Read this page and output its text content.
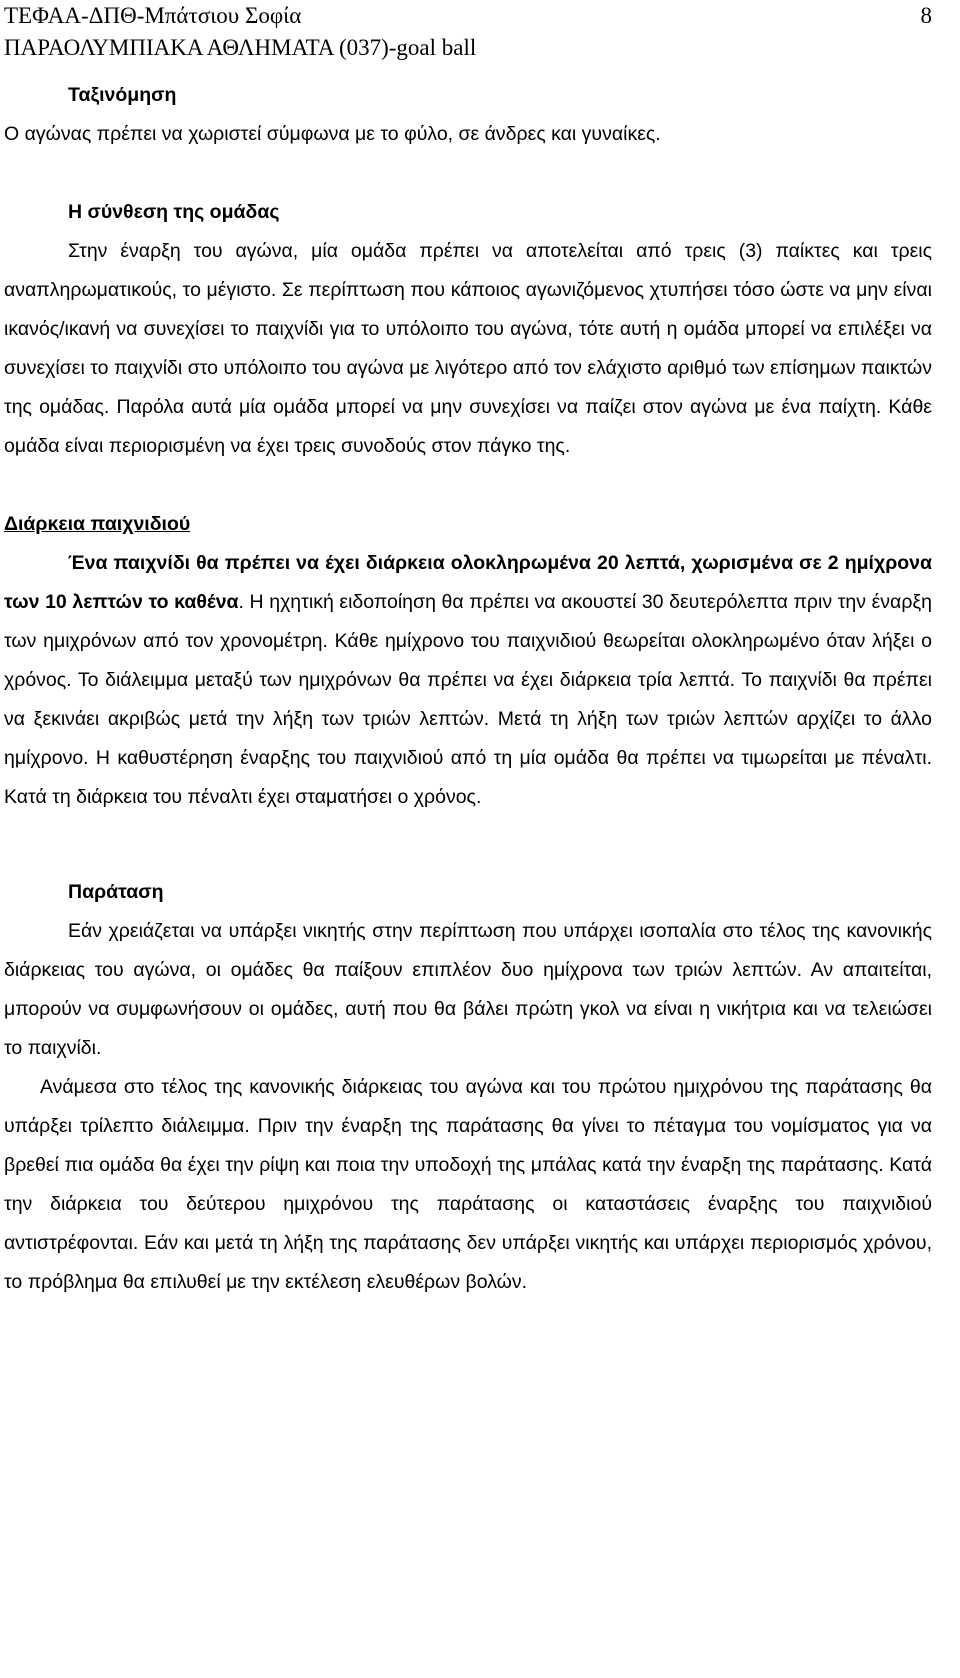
ΤΕΦΑΑ-ΔΠΘ-Μπάτσιου Σοφία
ΠΑΡΑΟΛΥΜΠΙΑΚΑ ΑΘΛΗΜΑΤΑ (037)-goal ball
8
Ταξινόμηση

Ο αγώνας πρέπει να χωριστεί σύμφωνα με το φύλο, σε άνδρες και γυναίκες.

Η σύνθεση της ομάδας

Στην έναρξη του αγώνα, μία ομάδα πρέπει να αποτελείται από τρεις (3) παίκτες και τρεις αναπληρωματικούς, το μέγιστο. Σε περίπτωση που κάποιος αγωνιζόμενος χτυπήσει τόσο ώστε να μην είναι ικανός/ικανή να συνεχίσει το παιχνίδι για το υπόλοιπο του αγώνα, τότε αυτή η ομάδα μπορεί να επιλέξει να συνεχίσει το παιχνίδι στο υπόλοιπο του αγώνα με λιγότερο από τον ελάχιστο αριθμό των επίσημων παικτών της ομάδας. Παρόλα αυτά μία ομάδα μπορεί να μην συνεχίσει να παίζει στον αγώνα με ένα παίχτη. Κάθε ομάδα είναι περιορισμένη να έχει τρεις συνοδούς στον πάγκο της.

Διάρκεια παιχνιδιού

Ένα παιχνίδι θα πρέπει να έχει διάρκεια ολοκληρωμένα 20 λεπτά, χωρισμένα σε 2 ημίχρονα των 10 λεπτών το καθένα. Η ηχητική ειδοποίηση θα πρέπει να ακουστεί 30 δευτερόλεπτα πριν την έναρξη των ημιχρόνων από τον χρονομέτρη. Κάθε ημίχρονο του παιχνιδιού θεωρείται ολοκληρωμένο όταν λήξει ο χρόνος. Το διάλειμμα μεταξύ των ημιχρόνων θα πρέπει να έχει διάρκεια τρία λεπτά. Το παιχνίδι θα πρέπει να ξεκινάει ακριβώς μετά την λήξη των τριών λεπτών. Μετά τη λήξη των τριών λεπτών αρχίζει το άλλο ημίχρονο. Η καθυστέρηση έναρξης του παιχνιδιού από τη μία ομάδα θα πρέπει να τιμωρείται με πέναλτι. Κατά τη διάρκεια του πέναλτι έχει σταματήσει ο χρόνος.

Παράταση

Εάν χρειάζεται να υπάρξει νικητής στην περίπτωση που υπάρχει ισοπαλία στο τέλος της κανονικής διάρκειας του αγώνα, οι ομάδες θα παίξουν επιπλέον δυο ημίχρονα των τριών λεπτών. Αν απαιτείται, μπορούν να συμφωνήσουν οι ομάδες, αυτή που θα βάλει πρώτη γκολ να είναι η νικήτρια και να τελειώσει το παιχνίδι.

Ανάμεσα στο τέλος της κανονικής διάρκειας του αγώνα και του πρώτου ημιχρόνου της παράτασης θα υπάρξει τρίλεπτο διάλειμμα. Πριν την έναρξη της παράτασης θα γίνει το πέταγμα του νομίσματος για να βρεθεί πια ομάδα θα έχει την ρίψη και ποια την υποδοχή της μπάλας κατά την έναρξη της παράτασης. Κατά την διάρκεια του δεύτερου ημιχρόνου της παράτασης οι καταστάσεις έναρξης του παιχνιδιού αντιστρέφονται. Εάν και μετά τη λήξη της παράτασης δεν υπάρξει νικητής και υπάρχει περιορισμός χρόνου, το πρόβλημα θα επιλυθεί με την εκτέλεση ελευθέρων βολών.
